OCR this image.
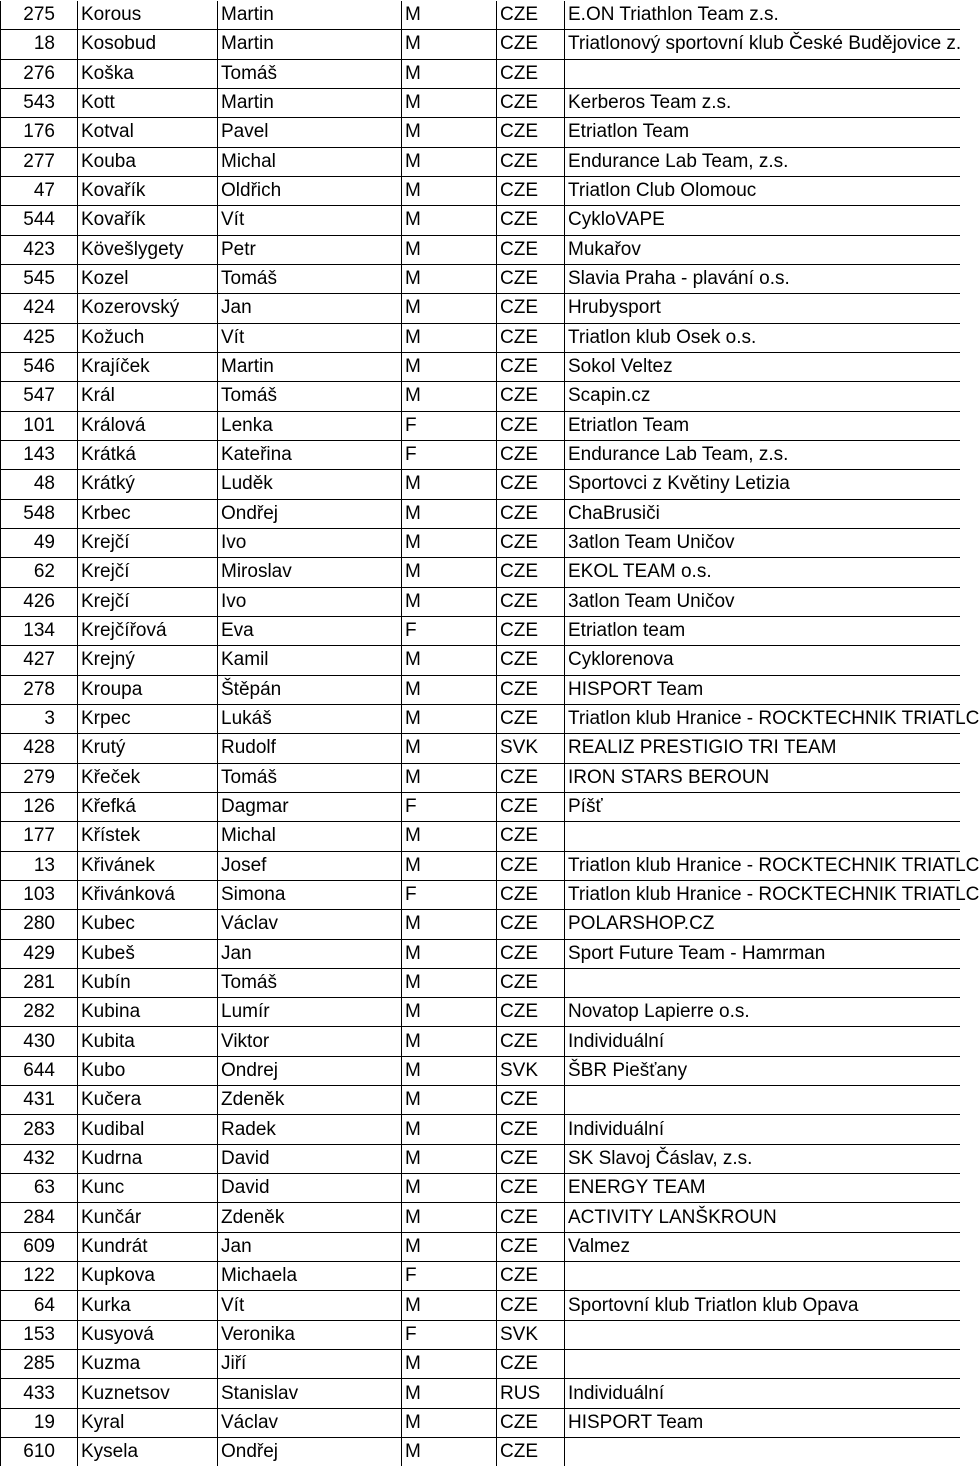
275	Korous	Martin	M	CZE	E.ON Triathlon Team z.s.
18	Kosobud	Martin	M	CZE	Triatlonový sportovní klub České Budějovice z.
276	Koška	Tomáš	M	CZE	
543	Kott	Martin	M	CZE	Kerberos Team z.s.
176	Kotval	Pavel	M	CZE	Etriatlon Team
277	Kouba	Michal	M	CZE	Endurance Lab Team, z.s.
47	Kovařík	Oldřich	M	CZE	Triatlon Club Olomouc
544	Kovařík	Vít	M	CZE	CykloVAPE
423	Kövešlygety	Petr	M	CZE	Mukařov
545	Kozel	Tomáš	M	CZE	Slavia Praha - plavání o.s.
424	Kozerovský	Jan	M	CZE	Hrubysport
425	Kožuch	Vít	M	CZE	Triatlon klub Osek o.s.
546	Krajíček	Martin	M	CZE	Sokol Veltez
547	Král	Tomáš	M	CZE	Scapin.cz
101	Králová	Lenka	F	CZE	Etriatlon Team
143	Krátká	Kateřina	F	CZE	Endurance Lab Team, z.s.
48	Krátký	Luděk	M	CZE	Sportovci z Květiny Letizia
548	Krbec	Ondřej	M	CZE	ChaBrusiči
49	Krejčí	Ivo	M	CZE	3atlon Team Uničov
62	Krejčí	Miroslav	M	CZE	EKOL TEAM o.s.
426	Krejčí	Ivo	M	CZE	3atlon Team Uničov
134	Krejčířová	Eva	F	CZE	Etriatlon team
427	Krejný	Kamil	M	CZE	Cyklorenova
278	Kroupa	Štěpán	M	CZE	HISPORT Team
3	Krpec	Lukáš	M	CZE	Triatlon klub Hranice - ROCKTECHNIK TRIATLC
428	Krutý	Rudolf	M	SVK	REALIZ PRESTIGIO TRI TEAM
279	Křeček	Tomáš	M	CZE	IRON STARS BEROUN
126	Křefká	Dagmar	F	CZE	Píšť
177	Křístek	Michal	M	CZE	
13	Křivánek	Josef	M	CZE	Triatlon klub Hranice - ROCKTECHNIK TRIATLC
103	Křivánková	Simona	F	CZE	Triatlon klub Hranice - ROCKTECHNIK TRIATLC
280	Kubec	Václav	M	CZE	POLARSHOP.CZ
429	Kubeš	Jan	M	CZE	Sport Future Team - Hamrman
281	Kubín	Tomáš	M	CZE	
282	Kubina	Lumír	M	CZE	Novatop Lapierre o.s.
430	Kubita	Viktor	M	CZE	Individuální
644	Kubo	Ondrej	M	SVK	ŠBR Piešťany
431	Kučera	Zdeněk	M	CZE	
283	Kudibal	Radek	M	CZE	Individuální
432	Kudrna	David	M	CZE	SK Slavoj Čáslav, z.s.
63	Kunc	David	M	CZE	ENERGY TEAM
284	Kunčár	Zdeněk	M	CZE	ACTIVITY LANŠKROUN
609	Kundrát	Jan	M	CZE	Valmez
122	Kupkova	Michaela	F	CZE	
64	Kurka	Vít	M	CZE	Sportovní klub Triatlon klub Opava
153	Kusyová	Veronika	F	SVK	
285	Kuzma	Jiří	M	CZE	
433	Kuznetsov	Stanislav	M	RUS	Individuální
19	Kyral	Václav	M	CZE	HISPORT Team
610	Kysela	Ondřej	M	CZE	
